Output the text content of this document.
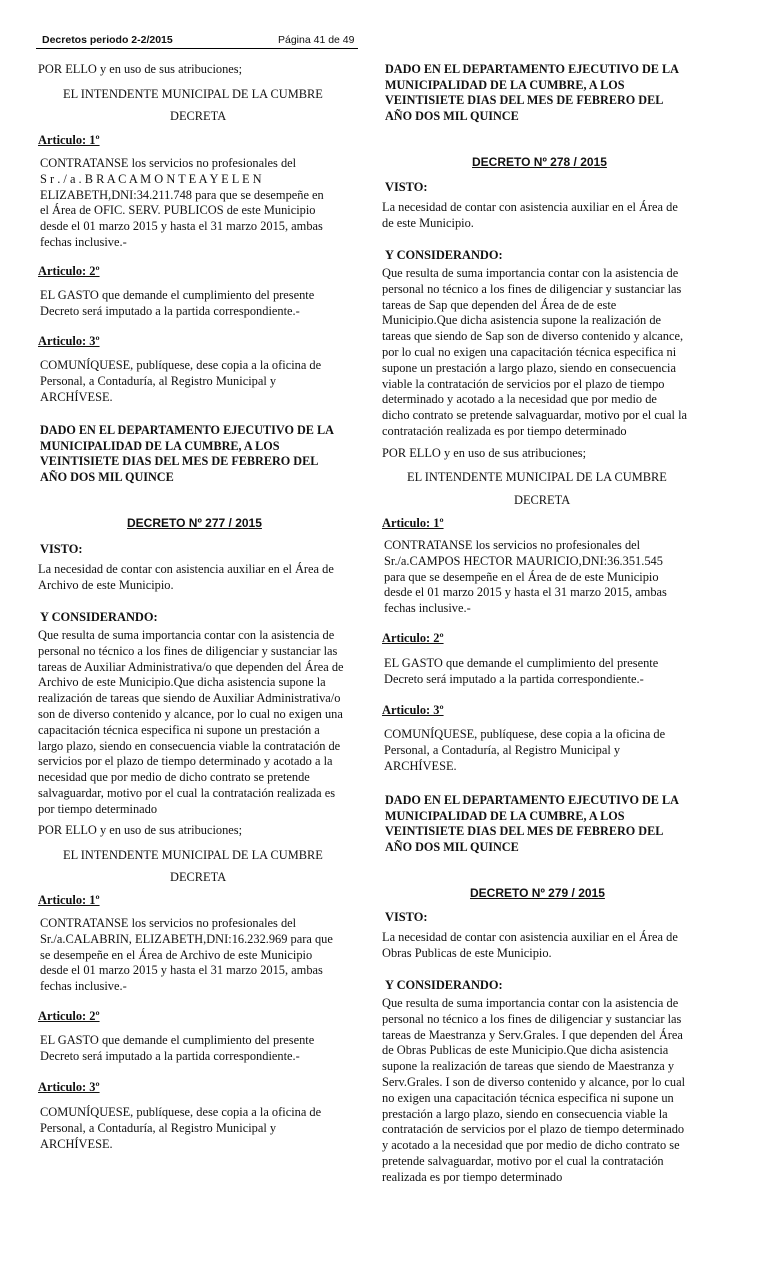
Decretos periodo 2-2/2015	Página 41 de 49
POR ELLO y en uso de sus atribuciones;
EL INTENDENTE MUNICIPAL DE LA CUMBRE
DECRETA
Articulo: 1º
CONTRATANSE los servicios no profesionales del
S r . / a . B R A C A M O N T E A Y E L E N
ELIZABETH,DNI:34.211.748 para que se desempeñe en
el Área de OFIC. SERV. PUBLICOS de este Municipio
desde el 01 marzo 2015 y hasta el 31 marzo 2015, ambas
fechas inclusive.-
Articulo: 2º
EL GASTO que demande el cumplimiento del presente
Decreto será imputado a la partida correspondiente.-
Articulo: 3º
COMUNÍQUESE, publíquese, dese copia a la oficina de
Personal, a Contaduría, al Registro Municipal y
ARCHÍVESE.
DADO EN EL DEPARTAMENTO EJECUTIVO DE LA
MUNICIPALIDAD DE LA CUMBRE, A LOS
VEINTISIETE DIAS DEL MES DE FEBRERO DEL
AÑO DOS MIL QUINCE
DECRETO Nº 277 / 2015
VISTO:
La necesidad de contar con asistencia auxiliar en el Área de
Archivo de este Municipio.
Y CONSIDERANDO:
Que resulta de suma importancia contar con la asistencia de
personal no técnico a los fines de diligenciar y sustanciar las
tareas de Auxiliar Administrativa/o que dependen del Área de
Archivo de este Municipio.Que dicha asistencia supone la
realización de tareas que siendo de Auxiliar Administrativa/o
son de diverso contenido y alcance, por lo cual no exigen una
capacitación técnica especifica ni supone un prestación a
largo plazo, siendo en consecuencia viable la contratación de
servicios por el plazo de tiempo determinado y acotado a la
necesidad que por medio de dicho contrato se pretende
salvaguardar, motivo por el cual la contratación realizada es
por tiempo determinado
POR ELLO y en uso de sus atribuciones;
EL INTENDENTE MUNICIPAL DE LA CUMBRE
DECRETA
Articulo: 1º
CONTRATANSE los servicios no profesionales del
Sr./a.CALABRIN, ELIZABETH,DNI:16.232.969 para que
se desempeñe en el Área de Archivo de este Municipio
desde el 01 marzo 2015 y hasta el 31 marzo 2015, ambas
fechas inclusive.-
Articulo: 2º
EL GASTO que demande el cumplimiento del presente
Decreto será imputado a la partida correspondiente.-
Articulo: 3º
COMUNÍQUESE, publíquese, dese copia a la oficina de
Personal, a Contaduría, al Registro Municipal y
ARCHÍVESE.
DADO EN EL DEPARTAMENTO EJECUTIVO DE LA
MUNICIPALIDAD DE LA CUMBRE, A LOS
VEINTISIETE DIAS DEL MES DE FEBRERO DEL
AÑO DOS MIL QUINCE
DECRETO Nº 278 / 2015
VISTO:
La necesidad de contar con asistencia auxiliar en el Área de
de este Municipio.
Y CONSIDERANDO:
Que resulta de suma importancia contar con la asistencia de
personal no técnico a los fines de diligenciar y sustanciar las
tareas de Sap que dependen del Área de de este
Municipio.Que dicha asistencia supone la realización de
tareas que siendo de Sap son de diverso contenido y alcance,
por lo cual no exigen una capacitación técnica especifica ni
supone un prestación a largo plazo, siendo en consecuencia
viable la contratación de servicios por el plazo de tiempo
determinado y acotado a la necesidad que por medio de
dicho contrato se pretende salvaguardar, motivo por el cual la
contratación realizada es por tiempo determinado
POR ELLO y en uso de sus atribuciones;
EL INTENDENTE MUNICIPAL DE LA CUMBRE
DECRETA
Articulo: 1º
CONTRATANSE los servicios no profesionales del
Sr./a.CAMPOS HECTOR MAURICIO,DNI:36.351.545
para que se desempeñe en el Área de de este Municipio
desde el 01 marzo 2015 y hasta el 31 marzo 2015, ambas
fechas inclusive.-
Articulo: 2º
EL GASTO que demande el cumplimiento del presente
Decreto será imputado a la partida correspondiente.-
Articulo: 3º
COMUNÍQUESE, publíquese, dese copia a la oficina de
Personal, a Contaduría, al Registro Municipal y
ARCHÍVESE.
DADO EN EL DEPARTAMENTO EJECUTIVO DE LA
MUNICIPALIDAD DE LA CUMBRE, A LOS
VEINTISIETE DIAS DEL MES DE FEBRERO DEL
AÑO DOS MIL QUINCE
DECRETO Nº 279 / 2015
VISTO:
La necesidad de contar con asistencia auxiliar en el Área de
Obras Publicas de este Municipio.
Y CONSIDERANDO:
Que resulta de suma importancia contar con la asistencia de
personal no técnico a los fines de diligenciar y sustanciar las
tareas de Maestranza y Serv.Grales. I que dependen del Área
de Obras Publicas de este Municipio.Que dicha asistencia
supone la realización de tareas que siendo de Maestranza y
Serv.Grales. I son de diverso contenido y alcance, por lo cual
no exigen una capacitación técnica especifica ni supone un
prestación a largo plazo, siendo en consecuencia viable la
contratación de servicios por el plazo de tiempo determinado
y acotado a la necesidad que por medio de dicho contrato se
pretende salvaguardar, motivo por el cual la contratación
realizada es por tiempo determinado
